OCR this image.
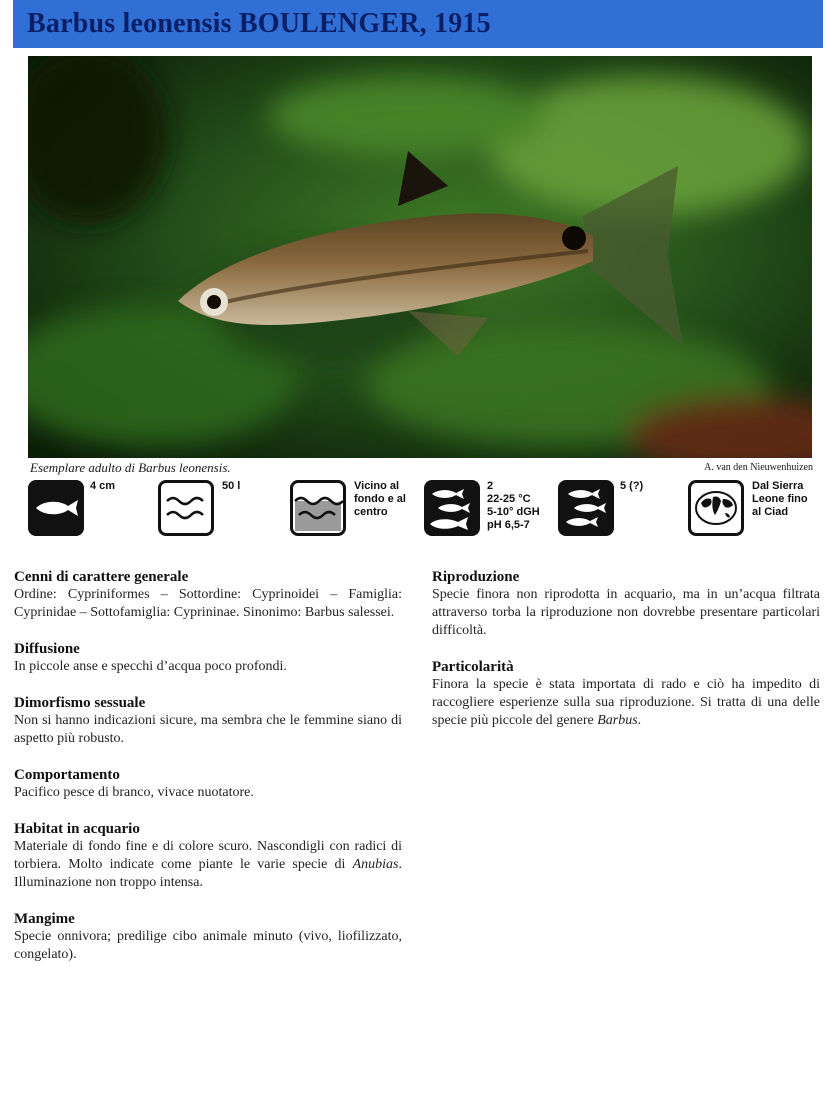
Barbus leonensis BOULENGER, 1915
Esemplare adulto di Barbus leonensis.	A. van den Nieuwenhuizen
4 cm	50 l	Vicino al
fondo e al
centro
2
22-25 °C
5-10° dGH
pH 6,5-7
5 (?)	Dal Sierra
Leone fino
al Ciad
Cenni di carattere generale

Ordine: Cypriniformes – Sottordine: Cyprinoidei – Famiglia: Cyprinidae – Sottofamiglia: Cyprininae. Sinonimo: Barbus salessei.

Diffusione

In piccole anse e specchi d’acqua poco profondi.

Dimorfismo sessuale

Non si hanno indicazioni sicure, ma sembra che le femmine siano di aspetto più robusto.

Comportamento

Pacifico pesce di branco, vivace nuotatore.

Habitat in acquario

Materiale di fondo fine e di colore scuro. Nascondigli con radici di torbiera. Molto indicate come piante le varie specie di Anubias. Illuminazione non troppo intensa.

Mangime

Specie onnivora; predilige cibo animale minuto (vivo, liofilizzato, congelato).

Riproduzione

Specie finora non riprodotta in acquario, ma in un’acqua filtrata attraverso torba la riproduzione non dovrebbe presentare particolari difficoltà.

Particolarità

Finora la specie è stata importata di rado e ciò ha impedito di raccogliere esperienze sulla sua riproduzione. Si tratta di una delle specie più piccole del genere Barbus.
